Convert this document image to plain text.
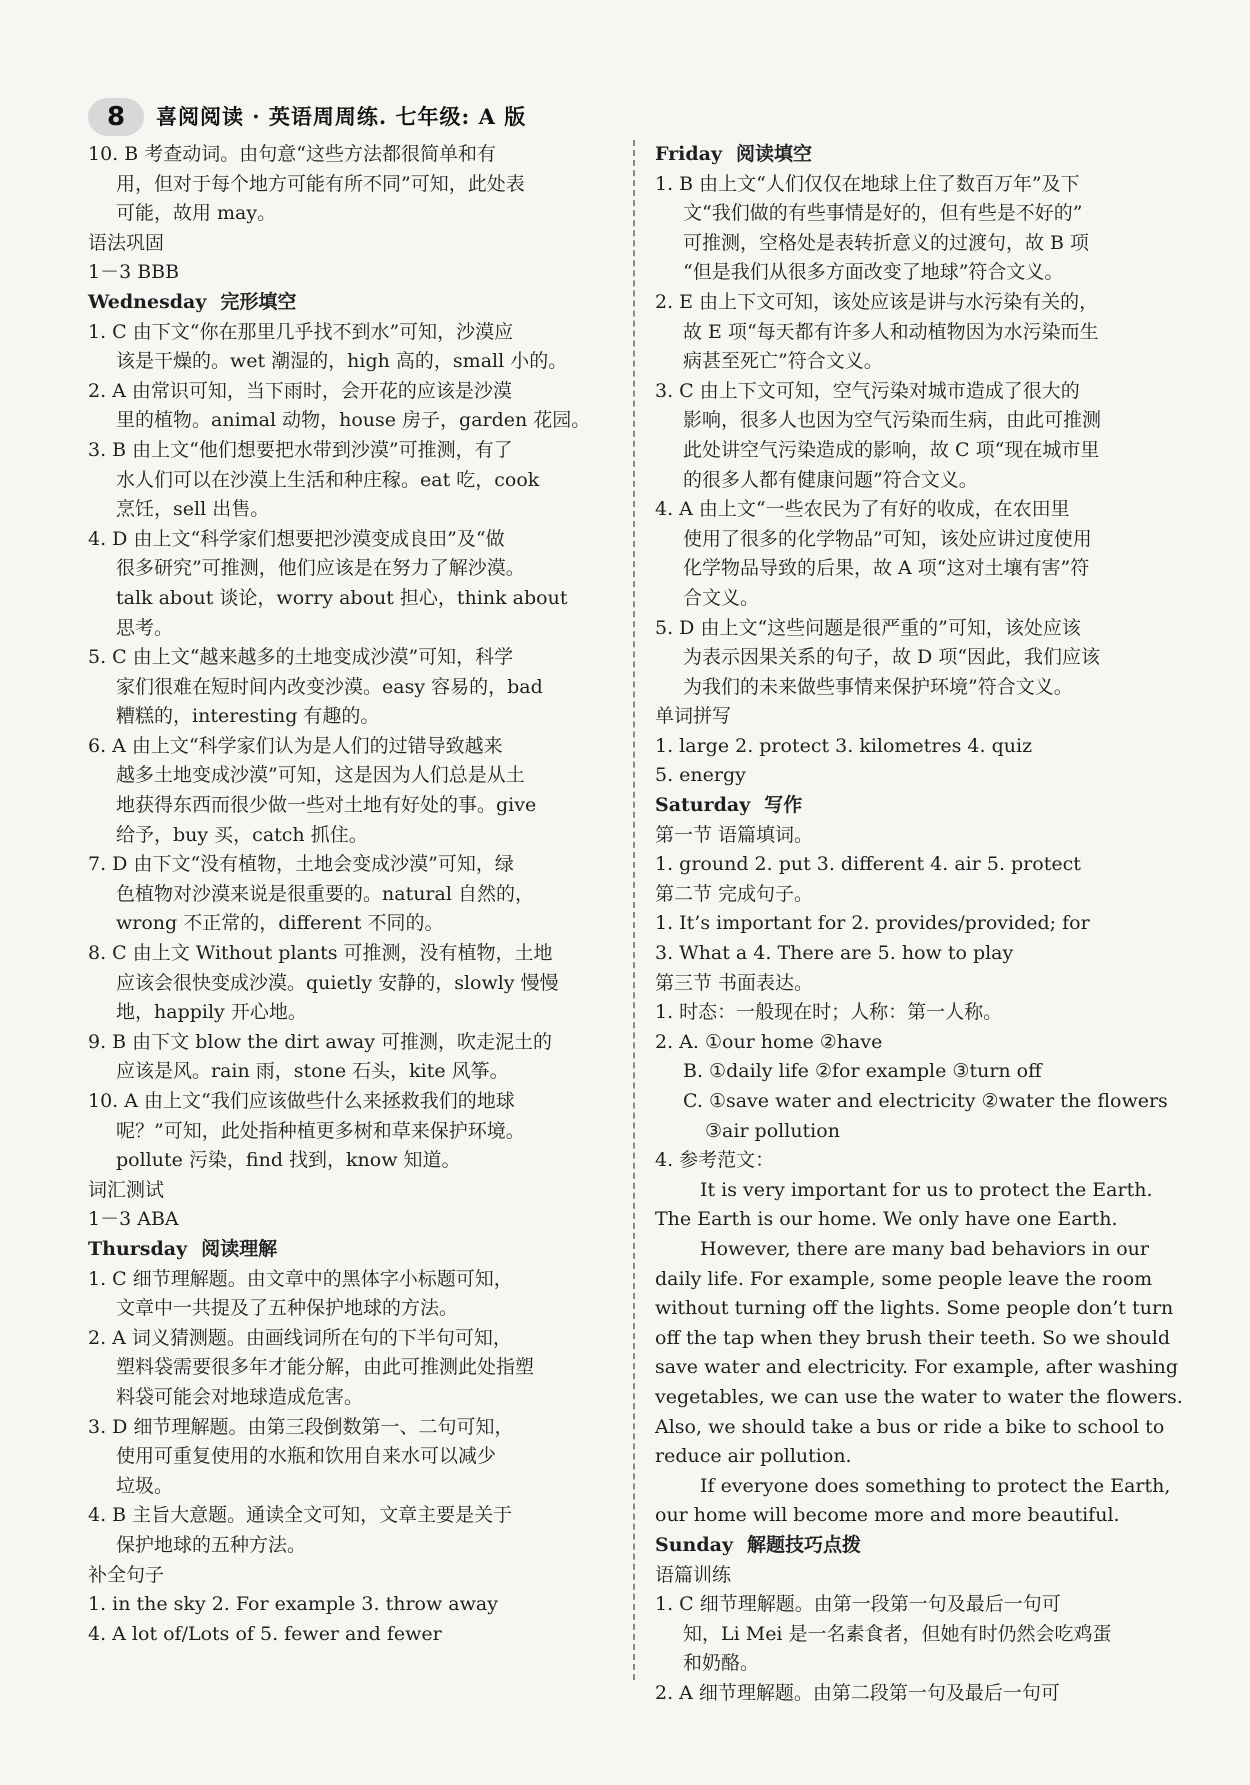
8	喜阅阅读 · 英语周周练. 七年级: A 版
10. B 考查动词。由句意“这些方法都很简单和有
用，但对于每个地方可能有所不同”可知，此处表
可能，故用 may。
语法巩固
1－3 BBB
Wednesday 完形填空
1. C 由下文“你在那里几乎找不到水”可知，沙漠应
该是干燥的。wet 潮湿的，high 高的，small 小的。
2. A 由常识可知，当下雨时，会开花的应该是沙漠
里的植物。animal 动物，house 房子，garden 花园。
3. B 由上文“他们想要把水带到沙漠”可推测，有了
水人们可以在沙漠上生活和种庄稼。eat 吃，cook
烹饪，sell 出售。
4. D 由上文“科学家们想要把沙漠变成良田”及“做
很多研究”可推测，他们应该是在努力了解沙漠。
talk about 谈论，worry about 担心，think about
思考。
5. C 由上文“越来越多的土地变成沙漠”可知，科学
家们很难在短时间内改变沙漠。easy 容易的，bad
糟糕的，interesting 有趣的。
6. A 由上文“科学家们认为是人们的过错导致越来
越多土地变成沙漠”可知，这是因为人们总是从土
地获得东西而很少做一些对土地有好处的事。give
给予，buy 买，catch 抓住。
7. D 由下文“没有植物，土地会变成沙漠”可知，绿
色植物对沙漠来说是很重要的。natural 自然的，
wrong 不正常的，different 不同的。
8. C 由上文 Without plants 可推测，没有植物，土地
应该会很快变成沙漠。quietly 安静的，slowly 慢慢
地，happily 开心地。
9. B 由下文 blow the dirt away 可推测，吹走泥土的
应该是风。rain 雨，stone 石头，kite 风筝。
10. A 由上文“我们应该做些什么来拯救我们的地球
呢？”可知，此处指种植更多树和草来保护环境。
pollute 污染，find 找到，know 知道。
词汇测试
1－3 ABA
Thursday 阅读理解
1. C 细节理解题。由文章中的黑体字小标题可知，
文章中一共提及了五种保护地球的方法。
2. A 词义猜测题。由画线词所在句的下半句可知，
塑料袋需要很多年才能分解，由此可推测此处指塑
料袋可能会对地球造成危害。
3. D 细节理解题。由第三段倒数第一、二句可知，
使用可重复使用的水瓶和饮用自来水可以减少
垃圾。
4. B 主旨大意题。通读全文可知，文章主要是关于
保护地球的五种方法。
补全句子
1. in the sky 2. For example 3. throw away
4. A lot of/Lots of 5. fewer and fewer
Friday 阅读填空
1. B 由上文“人们仅仅在地球上住了数百万年”及下
文“我们做的有些事情是好的，但有些是不好的”
可推测，空格处是表转折意义的过渡句，故 B 项
“但是我们从很多方面改变了地球”符合文义。
2. E 由上下文可知，该处应该是讲与水污染有关的，
故 E 项“每天都有许多人和动植物因为水污染而生
病甚至死亡”符合文义。
3. C 由上下文可知，空气污染对城市造成了很大的
影响，很多人也因为空气污染而生病，由此可推测
此处讲空气污染造成的影响，故 C 项“现在城市里
的很多人都有健康问题”符合文义。
4. A 由上文“一些农民为了有好的收成，在农田里
使用了很多的化学物品”可知，该处应讲过度使用
化学物品导致的后果，故 A 项“这对土壤有害”符
合文义。
5. D 由上文“这些问题是很严重的”可知，该处应该
为表示因果关系的句子，故 D 项“因此，我们应该
为我们的未来做些事情来保护环境”符合文义。
单词拼写
1. large 2. protect 3. kilometres 4. quiz
5. energy
Saturday 写作
第一节 语篇填词。
1. ground 2. put 3. different 4. air 5. protect
第二节 完成句子。
1. It’s important for 2. provides/provided; for
3. What a 4. There are 5. how to play
第三节 书面表达。
1. 时态：一般现在时；人称：第一人称。
2. A. ①our home ②have
B. ①daily life ②for example ③turn off
C. ①save water and electricity ②water the flowers
③air pollution
4. 参考范文：
It is very important for us to protect the Earth. The Earth is our home. We only have one Earth.
However, there are many bad behaviors in our daily life. For example, some people leave the room without turning off the lights. Some people don’t turn off the tap when they brush their teeth. So we should save water and electricity. For example, after washing vegetables, we can use the water to water the flowers. Also, we should take a bus or ride a bike to school to reduce air pollution.
If everyone does something to protect the Earth, our home will become more and more beautiful.
Sunday 解题技巧点拨
语篇训练
1. C 细节理解题。由第一段第一句及最后一句可
知，Li Mei 是一名素食者，但她有时仍然会吃鸡蛋
和奶酪。
2. A 细节理解题。由第二段第一句及最后一句可
